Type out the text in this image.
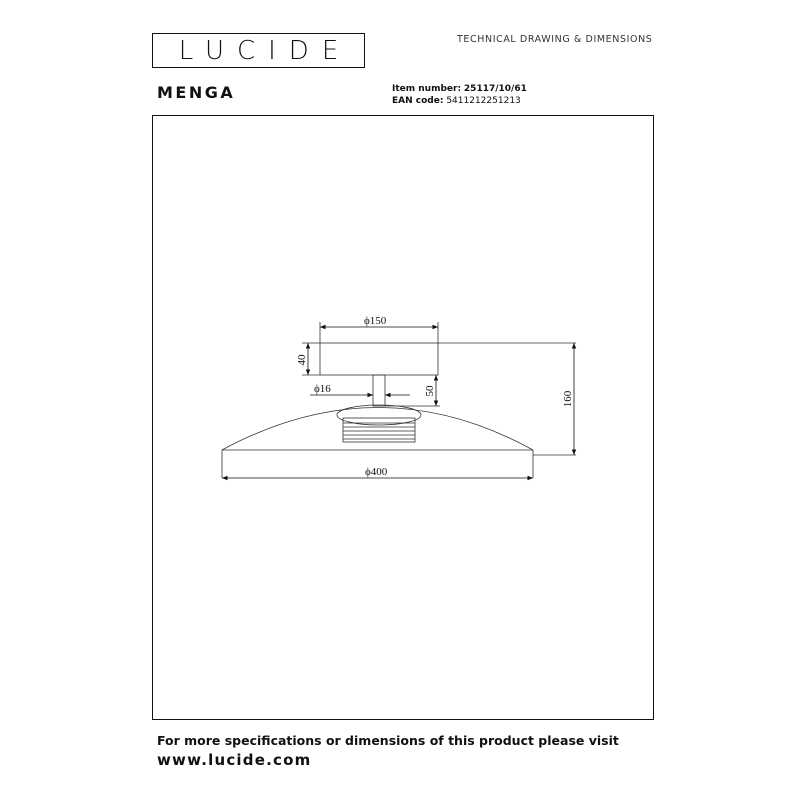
LUCIDE	TECHNICAL DRAWING & DIMENSIONS
MENGA	Item number: 25117/10/61
EAN code: 5411212251213
ϕ150
40
ϕ16	50	160
ϕ400
For more specifications or dimensions of this product please visit
www.lucide.com
